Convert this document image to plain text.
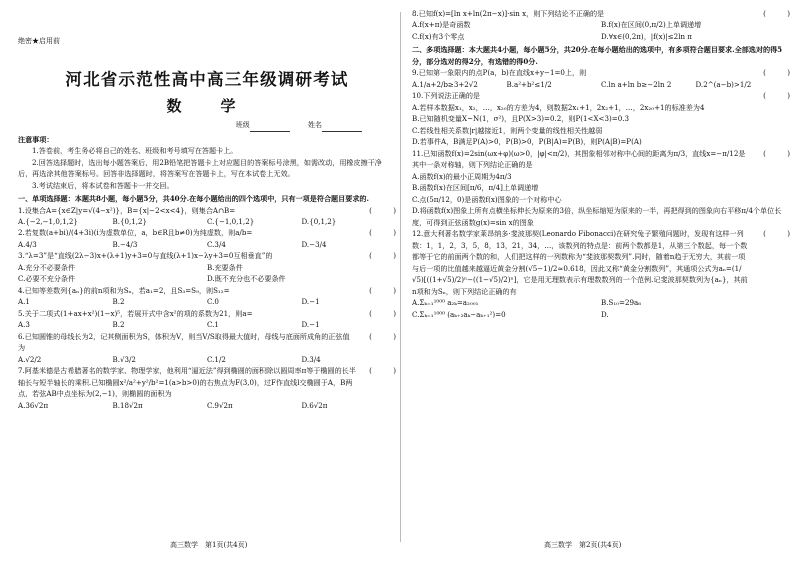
绝密★启用前
河北省示范性高中高三年级调研考试
数　学
班级	姓名
注意事项：
1.答卷前，考生务必将自己的姓名、班级和考号填写在答题卡上。
2.回答选择题时，选出每小题答案后，用2B铅笔把答题卡上对应题目的答案标号涂黑，如需改动，用橡皮擦干净后，再选涂其他答案标号。回答非选择题时，将答案写在答题卡上，写在本试卷上无效。
3.考试结束后，将本试卷和答题卡一并交回。
一、单项选择题：本题共8小题，每小题5分，共40分.在每小题给出的四个选项中，只有一项是符合题目要求的.
1.设集合A={x∈Z|y=√(4−x²)}，B={x|−2<x<4}，则集合A∩B=	(　　　)
A.{−2,−1,0,1,2}	B.{0,1,2}	C.{−1,0,1,2}	D.{0,1,2}
2.若复数(a+bi)/(4+3i)(i为虚数单位，a，b∈R且b≠0)为纯虚数，则a/b=	(　　　)
A.4/3	B.−4/3	C.3/4	D.−3/4
3.“λ=3”是“直线(2λ−3)x+(λ+1)y+3=0与直线(λ+1)x−λy+3=0互相垂直”的	(　　　)
A.充分不必要条件	B.充要条件
C.必要不充分条件	D.既不充分也不必要条件
4.已知等差数列{aₙ}的前n项和为Sₙ，若a₁=2，且S₃=S₉，则S₁₂=	(　　　)
A.1	B.2	C.0	D.−1
5.关于二项式(1+ax+x²)(1−x)⁵，若展开式中含x²的项的系数为21，则a=	(　　　)
A.3	B.2	C.1	D.−1
6.已知圆锥的母线长为2，记其侧面积为S，体积为V，则当V/S取得最大值时，母线与底面所成角的正弦值为
(　　　)
A.√2/2	B.√3/2	C.1/2	D.3/4
7.阿基米德是古希腊著名的数学家、物理学家，他利用“逼近法”得到椭圆的面积除以圆周率π等于椭圆的长半轴长与短半轴长的乘积.已知椭圆x²/a²+y²/b²=1(a>b>0)的右焦点为F(3,0)，过F作直线l交椭圆于A，B两点，若弦AB中点坐标为(2,−1)，则椭圆的面积为
(　　　)
A.36√2π	B.18√2π	C.9√2π	D.6√2π
8.已知f(x)=[ln x+ln(2π−x)]·sin x，则下列结论不正确的是	(　　　)
A.f(x+π)是奇函数	B.f(x)在区间(0,π/2)上单调递增
C.f(x)有3个零点	D.∀x∈(0,2π)，|f(x)|≤2ln π
二、多项选择题：本大题共4小题，每小题5分，共20分.在每小题给出的选项中，有多项符合题目要求.全部选对的得5分，部分选对的得2分，有选错的得0分.
9.已知第一象限内的点P(a，b)在直线x+y−1=0上，则	(　　　)
A.1/a+2/b≥3+2√2	B.a²+b²≤1/2	C.ln a+ln b≥−2ln 2	D.2^(a−b)>1/2
10.下列说法正确的是	(　　　)
A.若样本数据x₁，x₂，…，x₂₀的方差为4，则数据2x₁+1，2x₂+1，…，2x₂₀+1的标准差为4
B.已知随机变量X~N(1，σ²)，且P(X>3)=0.2，则P(1<X<3)=0.3
C.若线性相关系数|r|越接近1，则两个变量的线性相关性越弱
D.若事件A，B满足P(A)>0，P(B)>0，P(B|A)=P(B)，则P(A|B)=P(A)
11.已知函数f(x)=2sin(ωx+φ)(ω>0，|φ|<π/2)，其图象相邻对称中心间的距离为π/3，直线x=−π/12是其中一条对称轴，则下列结论正确的是
(　　　)
A.函数f(x)的最小正周期为4π/3
B.函数f(x)在区间[π/6，π/4]上单调递增
C.点(5π/12，0)是函数f(x)图象的一个对称中心
D.将函数f(x)图象上所有点横坐标伸长为原来的3倍，纵坐标缩短为原来的一半，再把得到的图象向右平移π/4个单位长度，可得到正弦函数g(x)=sin x的图象
12.意大利著名数学家莱昂纳多·斐波那契(Leonardo Fibonacci)在研究兔子繁殖问题时，发现有这样一列数：1，1，2，3，5，8，13，21，34，…，该数列的特点是：前两个数都是1，从第三个数起，每一个数都等于它的前面两个数的和，人们把这样的一列数称为“斐波那契数列”.同时，随着n趋于无穷大，其前一项与后一项的比值越来越逼近黄金分割(√5−1)/2≈0.618，因此又称“黄金分割数列”，其通项公式为aₙ=(1/√5)[((1+√5)/2)ⁿ−((1−√5)/2)ⁿ]，它是用无理数表示有理数数列的一个范例.记斐波那契数列为{aₙ}，其前n项和为Sₙ，则下列结论正确的有
(　　　)
A.Σₖ₌₁¹⁰⁰⁰ a₂ₖ=a₂₀₀₁	B.S₁₀=29a₆
C.Σₖ₌₁¹⁰⁰⁰ (aₖ₊₂aₖ−aₖ₊₁²)=0	D.
高三数学　第1页(共4页)	高三数学　第2页(共4页)
